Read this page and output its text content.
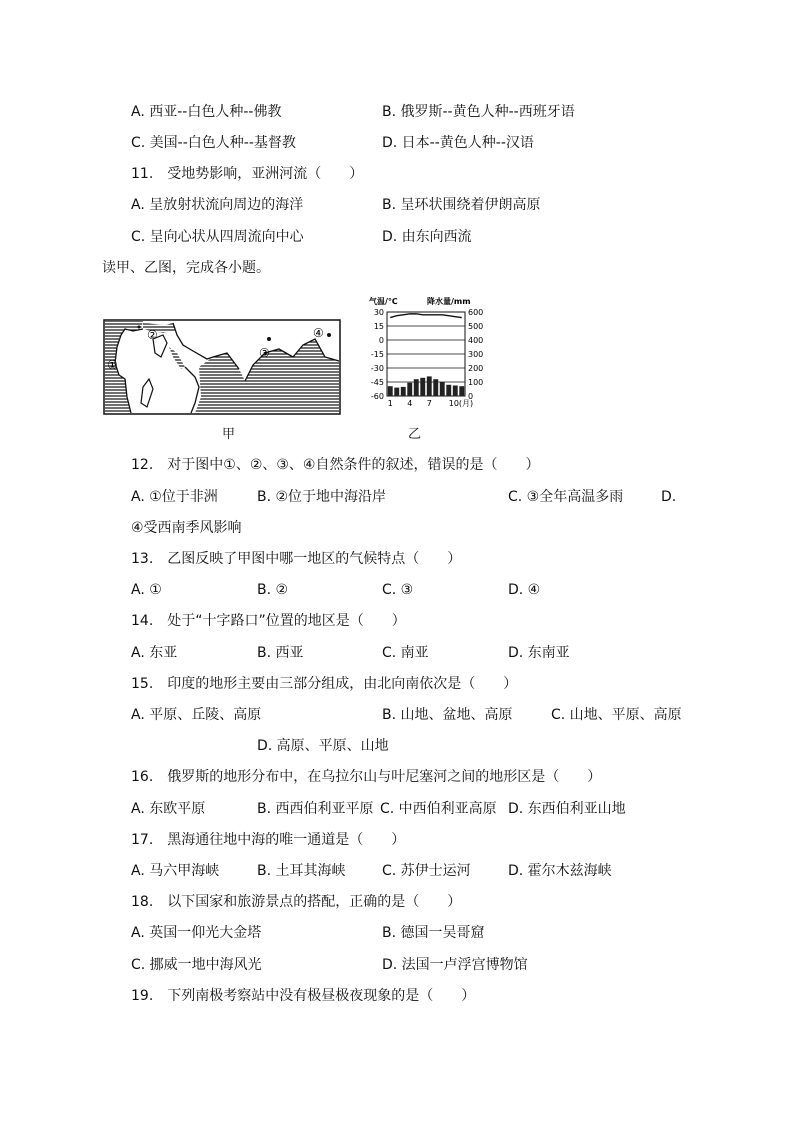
A. 西亚--白色人种--佛教	B. 俄罗斯--黄色人种--西班牙语
C. 美国--白色人种--基督教	D. 日本--黄色人种--汉语
11.　受地势影响，亚洲河流（　　）
A. 呈放射状流向周边的海洋	B. 呈环状围绕着伊朗高原
C. 呈向心状从四周流向中心	D. 由东向西流
读甲、乙图，完成各小题。
①
②
③
④
甲
气温/℃	降水量/mm
30	600
15	500
0	400
-15	300
-30	200
-45	100
-60	0
1 4 7 10(月)
乙
12.　对于图中①、②、③、④自然条件的叙述，错误的是（　　）
A. ①位于非洲	B. ②位于地中海沿岸	C. ③全年高温多雨	D.
④受西南季风影响
13.　乙图反映了甲图中哪一地区的气候特点（　　）
A. ①	B. ②	C. ③	D. ④
14.　处于“十字路口”位置的地区是（　　）
A. 东亚	B. 西亚	C. 南亚	D. 东南亚
15.　印度的地形主要由三部分组成，由北向南依次是（　　）
A. 平原、丘陵、高原	B. 山地、盆地、高原	C. 山地、平原、高原
D. 高原、平原、山地
16.　俄罗斯的地形分布中，在乌拉尔山与叶尼塞河之间的地形区是（　　）
A. 东欧平原	B. 西西伯利亚平原 C. 中西伯利亚高原 D. 东西伯利亚山地
17.　黑海通往地中海的唯一通道是（　　）
A. 马六甲海峡	B. 土耳其海峡	C. 苏伊士运河	D. 霍尔木兹海峡
18.　以下国家和旅游景点的搭配，正确的是（　　）
A. 英国一仰光大金塔	B. 德国一吴哥窟
C. 挪威一地中海风光	D. 法国一卢浮宫博物馆
19.　下列南极考察站中没有极昼极夜现象的是（　　）
